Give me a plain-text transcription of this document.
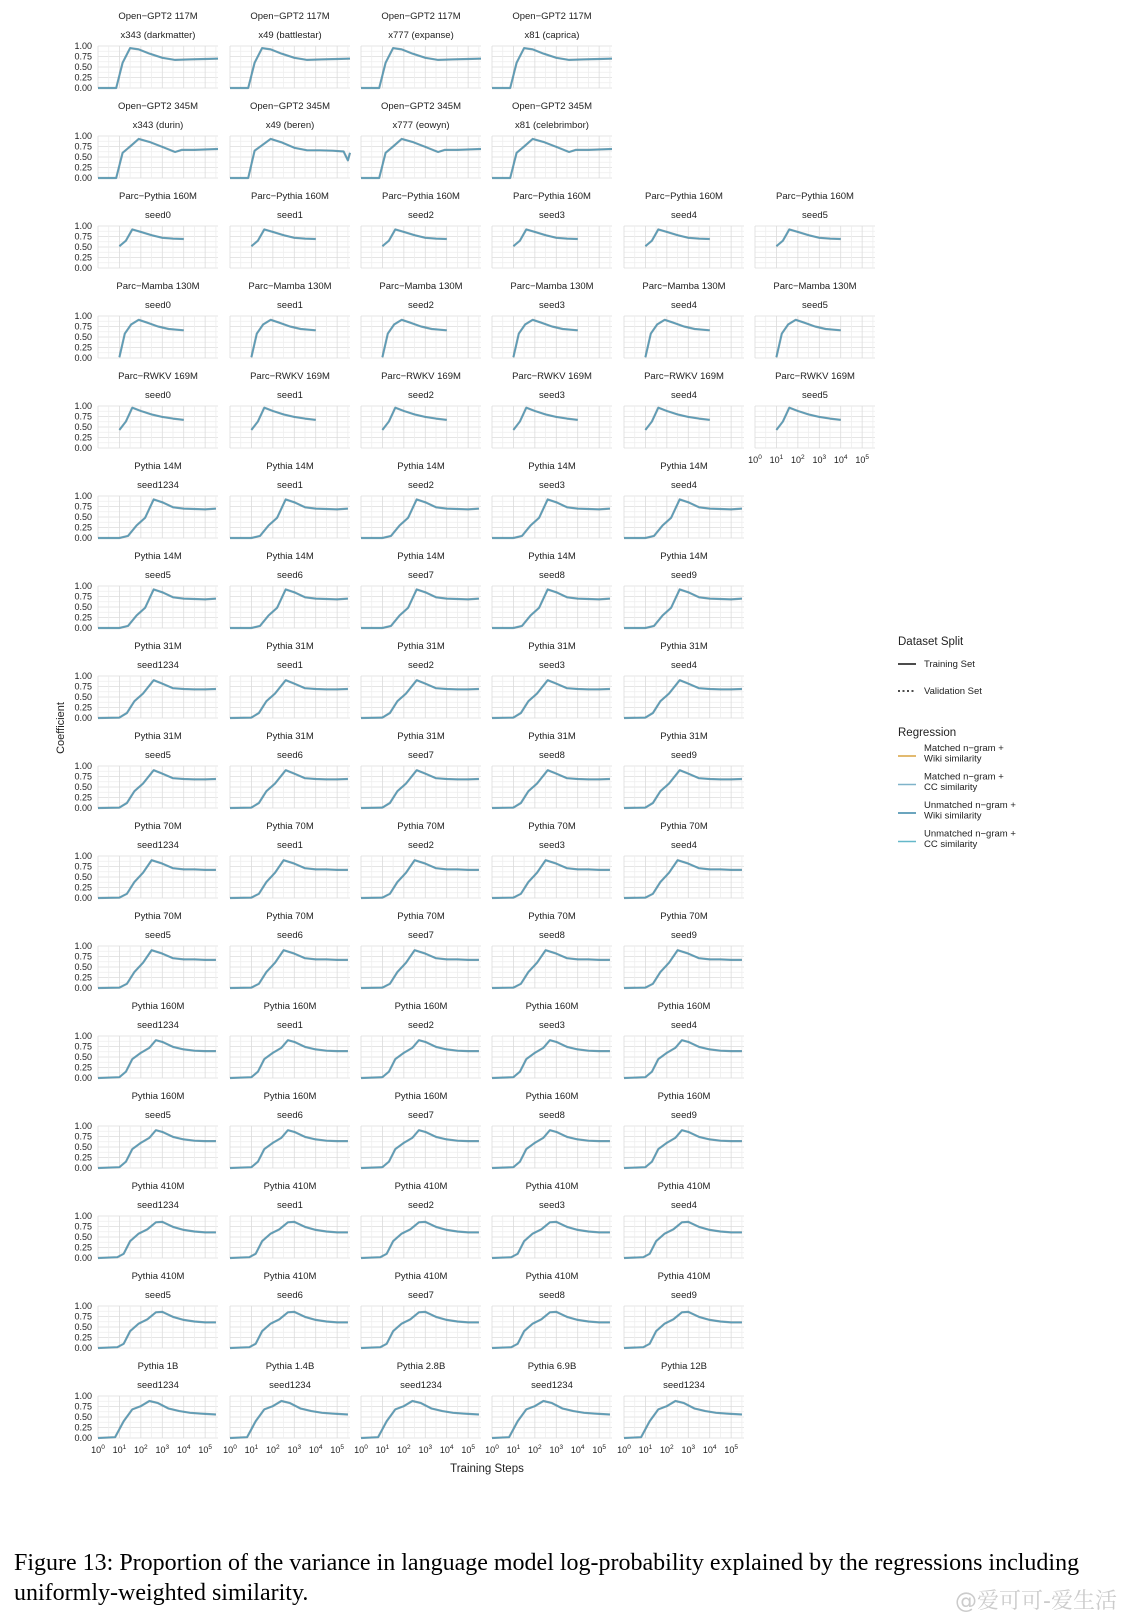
1.00
0.75
0.50
0.25
0.00
Open−GPT2 117M
x343 (darkmatter)
Open−GPT2 117M
x49 (battlestar)
Open−GPT2 117M
x777 (expanse)
Open−GPT2 117M
x81 (caprica)
1.00
0.75
0.50
0.25
0.00
Open−GPT2 345M
x343 (durin)
Open−GPT2 345M
x49 (beren)
Open−GPT2 345M
x777 (eowyn)
Open−GPT2 345M
x81 (celebrimbor)
1.00
0.75
0.50
0.25
0.00
Parc−Pythia 160M
seed0
Parc−Pythia 160M
seed1
Parc−Pythia 160M
seed2
Parc−Pythia 160M
seed3
Parc−Pythia 160M
seed4
Parc−Pythia 160M
seed5
1.00
0.75
0.50
0.25
0.00
Parc−Mamba 130M
seed0
Parc−Mamba 130M
seed1
Parc−Mamba 130M
seed2
Parc−Mamba 130M
seed3
Parc−Mamba 130M
seed4
Parc−Mamba 130M
seed5
1.00
0.75
0.50
0.25
0.00
Parc−RWKV 169M
seed0
Parc−RWKV 169M
seed1
Parc−RWKV 169M
seed2
Parc−RWKV 169M
seed3
Parc−RWKV 169M
seed4
Parc−RWKV 169M
seed5
1.00
0.75
0.50
0.25
0.00
Pythia 14M
seed1234
Pythia 14M
seed1
Pythia 14M
seed2
Pythia 14M
seed3
Pythia 14M
seed4
1.00
0.75
0.50
0.25
0.00
Pythia 14M
seed5
Pythia 14M
seed6
Pythia 14M
seed7
Pythia 14M
seed8
Pythia 14M
seed9
1.00
0.75
0.50
0.25
0.00
Pythia 31M
seed1234
Pythia 31M
seed1
Pythia 31M
seed2
Pythia 31M
seed3
Pythia 31M
seed4
1.00
0.75
0.50
0.25
0.00
Pythia 31M
seed5
Pythia 31M
seed6
Pythia 31M
seed7
Pythia 31M
seed8
Pythia 31M
seed9
1.00
0.75
0.50
0.25
0.00
Pythia 70M
seed1234
Pythia 70M
seed1
Pythia 70M
seed2
Pythia 70M
seed3
Pythia 70M
seed4
1.00
0.75
0.50
0.25
0.00
Pythia 70M
seed5
Pythia 70M
seed6
Pythia 70M
seed7
Pythia 70M
seed8
Pythia 70M
seed9
1.00
0.75
0.50
0.25
0.00
Pythia 160M
seed1234
Pythia 160M
seed1
Pythia 160M
seed2
Pythia 160M
seed3
Pythia 160M
seed4
1.00
0.75
0.50
0.25
0.00
Pythia 160M
seed5
Pythia 160M
seed6
Pythia 160M
seed7
Pythia 160M
seed8
Pythia 160M
seed9
1.00
0.75
0.50
0.25
0.00
Pythia 410M
seed1234
Pythia 410M
seed1
Pythia 410M
seed2
Pythia 410M
seed3
Pythia 410M
seed4
1.00
0.75
0.50
0.25
0.00
Pythia 410M
seed5
Pythia 410M
seed6
Pythia 410M
seed7
Pythia 410M
seed8
Pythia 410M
seed9
1.00
0.75
0.50
0.25
0.00
Pythia 1B
seed1234
Pythia 1.4B
seed1234
Pythia 2.8B
seed1234
Pythia 6.9B
seed1234
Pythia 12B
seed1234
$10^0$ $10^1$ $10^2$ $10^3$ $10^4$ $10^5$
$10^0$ $10^1$ $10^2$ $10^3$ $10^4$ $10^5$ $10^0$ $10^1$ $10^2$ $10^3$ $10^4$ $10^5$ $10^0$ $10^1$ $10^2$ $10^3$ $10^4$ $10^5$ $10^0$ $10^1$ $10^2$ $10^3$ $10^4$ $10^5$ $10^0$ $10^1$ $10^2$ $10^3$ $10^4$ $10^5$
Coefficient
Training Steps
Dataset Split
Training Set
Validation Set
Regression
Matched n−gram +
Wiki similarity
Matched n−gram +
CC similarity
Unmatched n−gram +
Wiki similarity
Unmatched n−gram +
CC similarity
Figure 13: Proportion of the variance in language model log-probability explained by the regressions including uniformly-weighted similarity.	@爱可可-爱生活
